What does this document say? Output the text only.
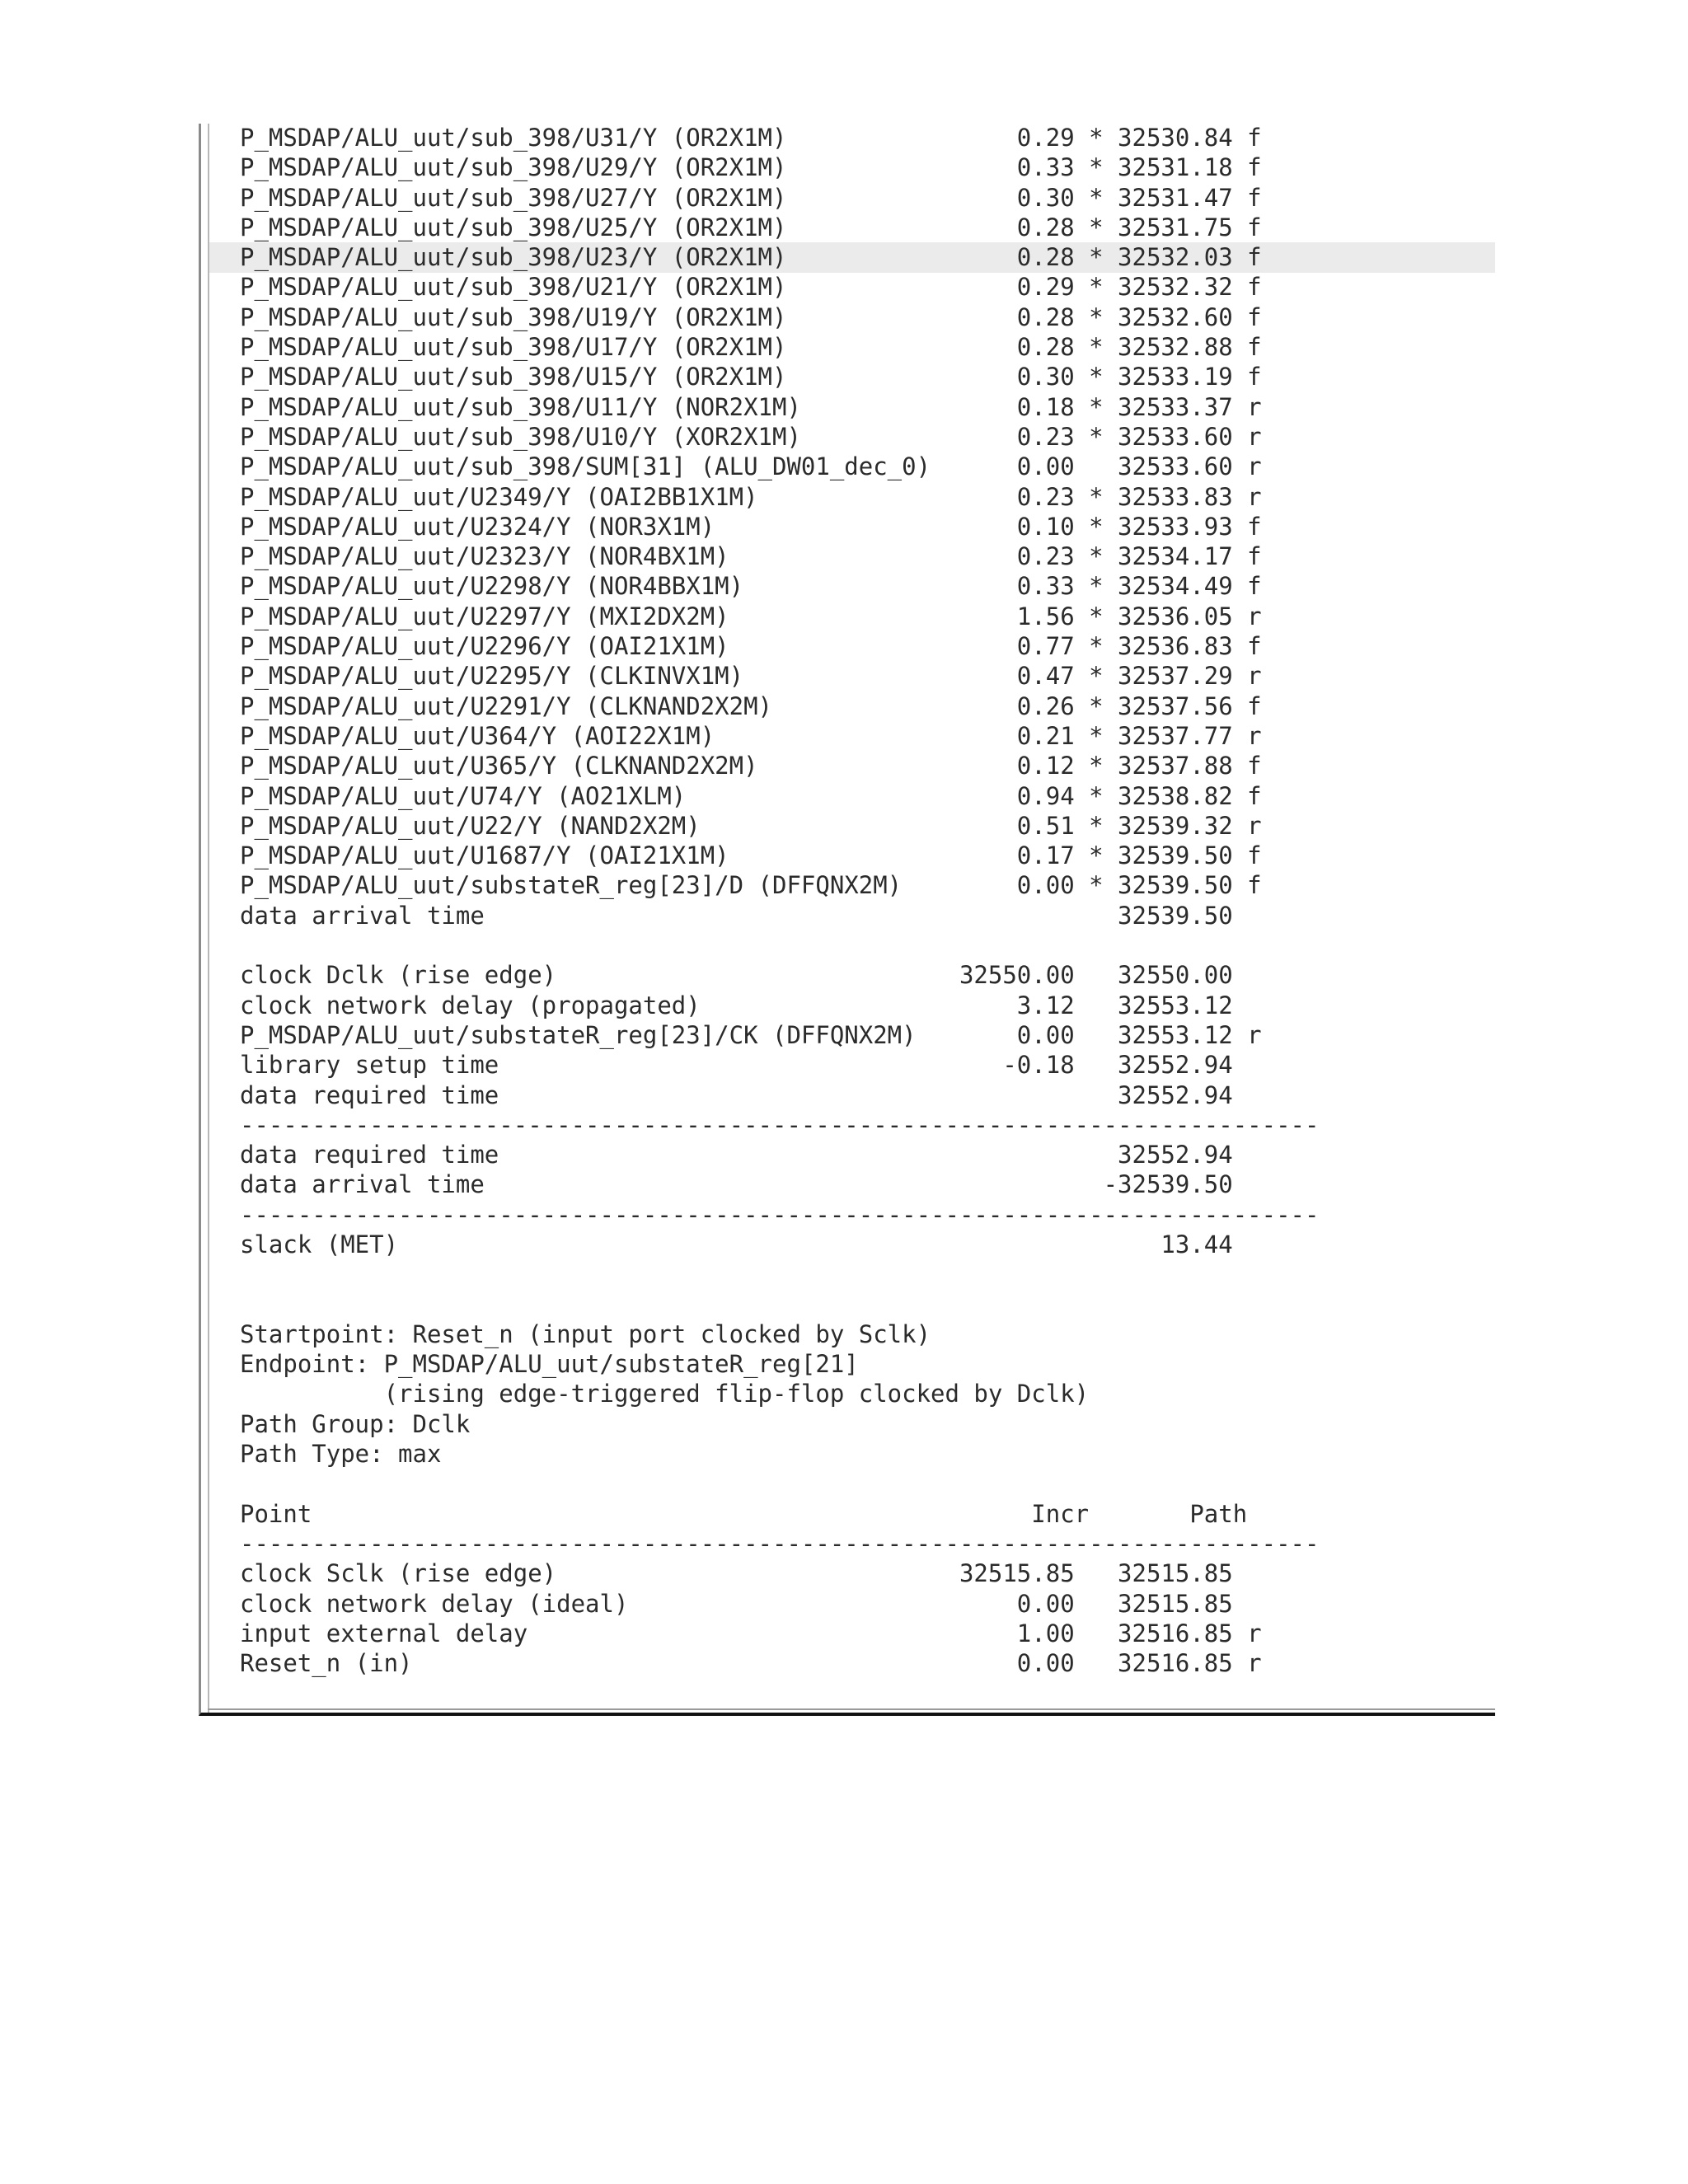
P_MSDAP/ALU_uut/sub_398/U31/Y (OR2X1M)                0.29 * 32530.84 f
P_MSDAP/ALU_uut/sub_398/U29/Y (OR2X1M)                0.33 * 32531.18 f
P_MSDAP/ALU_uut/sub_398/U27/Y (OR2X1M)                0.30 * 32531.47 f
P_MSDAP/ALU_uut/sub_398/U25/Y (OR2X1M)                0.28 * 32531.75 f
P_MSDAP/ALU_uut/sub_398/U23/Y (OR2X1M)                0.28 * 32532.03 f
P_MSDAP/ALU_uut/sub_398/U21/Y (OR2X1M)                0.29 * 32532.32 f
P_MSDAP/ALU_uut/sub_398/U19/Y (OR2X1M)                0.28 * 32532.60 f
P_MSDAP/ALU_uut/sub_398/U17/Y (OR2X1M)                0.28 * 32532.88 f
P_MSDAP/ALU_uut/sub_398/U15/Y (OR2X1M)                0.30 * 32533.19 f
P_MSDAP/ALU_uut/sub_398/U11/Y (NOR2X1M)               0.18 * 32533.37 r
P_MSDAP/ALU_uut/sub_398/U10/Y (XOR2X1M)               0.23 * 32533.60 r
P_MSDAP/ALU_uut/sub_398/SUM[31] (ALU_DW01_dec_0)      0.00   32533.60 r
P_MSDAP/ALU_uut/U2349/Y (OAI2BB1X1M)                  0.23 * 32533.83 r
P_MSDAP/ALU_uut/U2324/Y (NOR3X1M)                     0.10 * 32533.93 f
P_MSDAP/ALU_uut/U2323/Y (NOR4BX1M)                    0.23 * 32534.17 f
P_MSDAP/ALU_uut/U2298/Y (NOR4BBX1M)                   0.33 * 32534.49 f
P_MSDAP/ALU_uut/U2297/Y (MXI2DX2M)                    1.56 * 32536.05 r
P_MSDAP/ALU_uut/U2296/Y (OAI21X1M)                    0.77 * 32536.83 f
P_MSDAP/ALU_uut/U2295/Y (CLKINVX1M)                   0.47 * 32537.29 r
P_MSDAP/ALU_uut/U2291/Y (CLKNAND2X2M)                 0.26 * 32537.56 f
P_MSDAP/ALU_uut/U364/Y (AOI22X1M)                     0.21 * 32537.77 r
P_MSDAP/ALU_uut/U365/Y (CLKNAND2X2M)                  0.12 * 32537.88 f
P_MSDAP/ALU_uut/U74/Y (AO21XLM)                       0.94 * 32538.82 f
P_MSDAP/ALU_uut/U22/Y (NAND2X2M)                      0.51 * 32539.32 r
P_MSDAP/ALU_uut/U1687/Y (OAI21X1M)                    0.17 * 32539.50 f
P_MSDAP/ALU_uut/substateR_reg[23]/D (DFFQNX2M)        0.00 * 32539.50 f
data arrival time                                            32539.50

clock Dclk (rise edge)                            32550.00   32550.00
clock network delay (propagated)                      3.12   32553.12
P_MSDAP/ALU_uut/substateR_reg[23]/CK (DFFQNX2M)       0.00   32553.12 r
library setup time                                   -0.18   32552.94
data required time                                           32552.94
---------------------------------------------------------------------------
data required time                                           32552.94
data arrival time                                           -32539.50
---------------------------------------------------------------------------
slack (MET)                                                     13.44

Startpoint: Reset_n (input port clocked by Sclk)
Endpoint: P_MSDAP/ALU_uut/substateR_reg[21]
(rising edge-triggered flip-flop clocked by Dclk)
Path Group: Dclk
Path Type: max

Point                                                  Incr       Path
---------------------------------------------------------------------------
clock Sclk (rise edge)                            32515.85   32515.85
clock network delay (ideal)                           0.00   32515.85
input external delay                                  1.00   32516.85 r
Reset_n (in)                                          0.00   32516.85 r
